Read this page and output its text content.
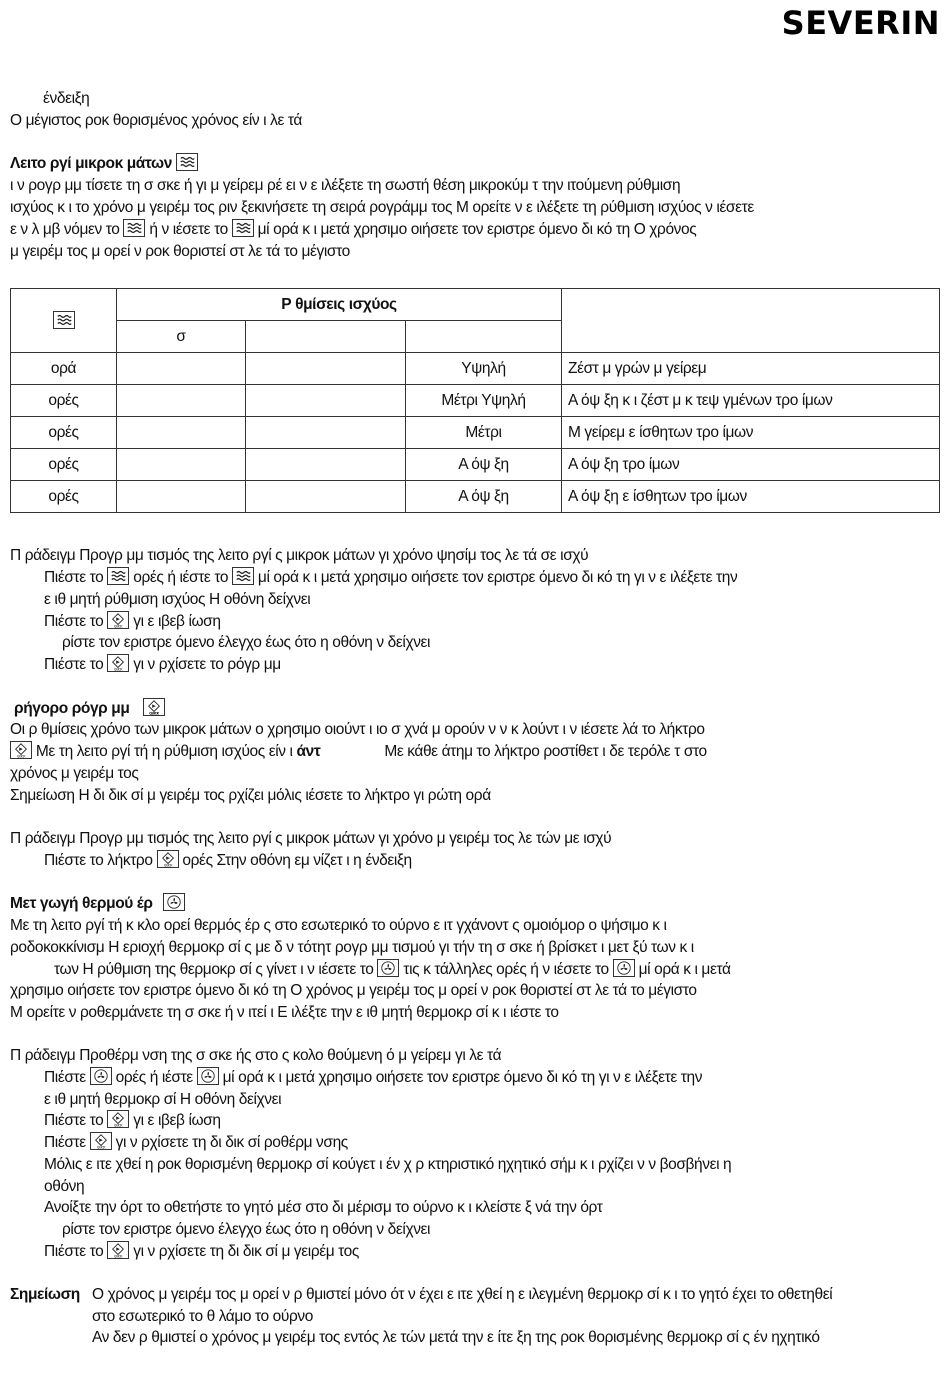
SEVERIN
ένδειξη
Ο μέγιστος ροκ θορισμένος χρόνος είν ι λε τά
Λειτο ργί μικροκ μάτων
ι ν ρογρ μμ τίσετε τη σ σκε ή γι μ γείρεμ ρέ ει ν ε ιλέξετε τη σωστή θέση μικροκύμ τ την ιτούμενη ρύθμιση
ισχύος κ ι το χρόνο μ γειρέμ τος ριν ξεκινήσετε τη σειρά ρογράμμ τος Μ ορείτε ν ε ιλέξετε τη ρύθμιση ισχύος ν ιέσετε
ε ν λ μβ νόμεν το ή ν ιέσετε το μί ορά κ ι μετά χρησιμο οιήσετε τον εριστρε όμενο δι κό τη Ο χρόνος
μ γειρέμ τος μ ορεί ν ροκ θοριστεί στ λε τά το μέγιστο
	Ρ θμίσεις ισχύος			
	σ			
ορά			Υψηλή	Ζέστ μ γρών μ γείρεμ
ορές			Μέτρι Υψηλή	Α όψ ξη κ ι ζέστ μ κ τεψ γμένων τρο ίμων
ορές			Μέτρι	Μ γείρεμ ε ίσθητων τρο ίμων
ορές			Α όψ ξη	Α όψ ξη τρο ίμων
ορές			Α όψ ξη	Α όψ ξη ε ίσθητων τρο ίμων
Π ράδειγμ Προγρ μμ τισμός της λειτο ργί ς μικροκ μάτων γι χρόνο ψησίμ τος λε τά σε ισχύ
Πιέστε το ορές ή ιέστε το μί ορά κ ι μετά χρησιμο οιήσετε τον εριστρε όμενο δι κό τη γι ν ε ιλέξετε την
ε ιθ μητή ρύθμιση ισχύος Η οθόνη δείχνει
Πιέστε το γι ε ιβεβ ίωση
ρίστε τον εριστρε όμενο έλεγχο έως ότο η οθόνη ν δείχνει
Πιέστε το γι ν ρχίσετε το ρόγρ μμ
ρήγορο ρόγρ μμ
Οι ρ θμίσεις χρόνο των μικροκ μάτων ο χρησιμο οιούντ ι ιο σ χνά μ ορούν ν ν κ λούντ ι ν ιέσετε λά το λήκτρο
Με τη λειτο ργί τή η ρύθμιση ισχύος είν ι άντ	Με κάθε άτημ το λήκτρο ροστίθετ ι δε τερόλε τ στο
χρόνος μ γειρέμ τος
Σημείωση Η δι δικ σί μ γειρέμ τος ρχίζει μόλις ιέσετε το λήκτρο γι ρώτη ορά
Π ράδειγμ Προγρ μμ τισμός της λειτο ργί ς μικροκ μάτων γι χρόνο μ γειρέμ τος λε τών με ισχύ
Πιέστε το λήκτρο ορές Στην οθόνη εμ νίζετ ι η ένδειξη
Μετ γωγή θερμού έρ
Με τη λειτο ργί τή κ κλο ορεί θερμός έρ ς στο εσωτερικό το ούρνο ε ιτ γχάνοντ ς ομοιόμορ ο ψήσιμο κ ι
ροδοκοκκίνισμ Η εριοχή θερμοκρ σί ς με δ ν τότητ ρογρ μμ τισμού γι τήν τη σ σκε ή βρίσκετ ι μετ ξύ των κ ι
των Η ρύθμιση της θερμοκρ σί ς γίνετ ι ν ιέσετε το τις κ τάλληλες ορές ή ν ιέσετε το μί ορά κ ι μετά
χρησιμο οιήσετε τον εριστρε όμενο δι κό τη Ο χρόνος μ γειρέμ τος μ ορεί ν ροκ θοριστεί στ λε τά το μέγιστο
Μ ορείτε ν ροθερμάνετε τη σ σκε ή ν ιτεί ι Ε ιλέξτε την ε ιθ μητή θερμοκρ σί κ ι ιέστε το
Π ράδειγμ Προθέρμ νση της σ σκε ής στο ς κολο θούμενη ό μ γείρεμ γι λε τά
Πιέστε ορές ή ιέστε μί ορά κ ι μετά χρησιμο οιήσετε τον εριστρε όμενο δι κό τη γι ν ε ιλέξετε την
ε ιθ μητή θερμοκρ σί Η οθόνη δείχνει
Πιέστε το γι ε ιβεβ ίωση
Πιέστε γι ν ρχίσετε τη δι δικ σί ροθέρμ νσης
Μόλις ε ιτε χθεί η ροκ θορισμένη θερμοκρ σί κούγετ ι έν χ ρ κτηριστικό ηχητικό σήμ κ ι ρχίζει ν ν βοσβήνει η
οθόνη
Ανοίξτε την όρτ το οθετήστε το γητό μέσ στο δι μέρισμ το ούρνο κ ι κλείστε ξ νά την όρτ
ρίστε τον εριστρε όμενο έλεγχο έως ότο η οθόνη ν δείχνει
Πιέστε το γι ν ρχίσετε τη δι δικ σί μ γειρέμ τος
Σημείωση Ο χρόνος μ γειρέμ τος μ ορεί ν ρ θμιστεί μόνο ότ ν έχει ε ιτε χθεί η ε ιλεγμένη θερμοκρ σί κ ι το γητό έχει το οθετηθεί
στο εσωτερικό το θ λάμο το ούρνο
Αν δεν ρ θμιστεί ο χρόνος μ γειρέμ τος εντός λε τών μετά την ε ίτε ξη της ροκ θορισμένης θερμοκρ σί ς έν ηχητικό
